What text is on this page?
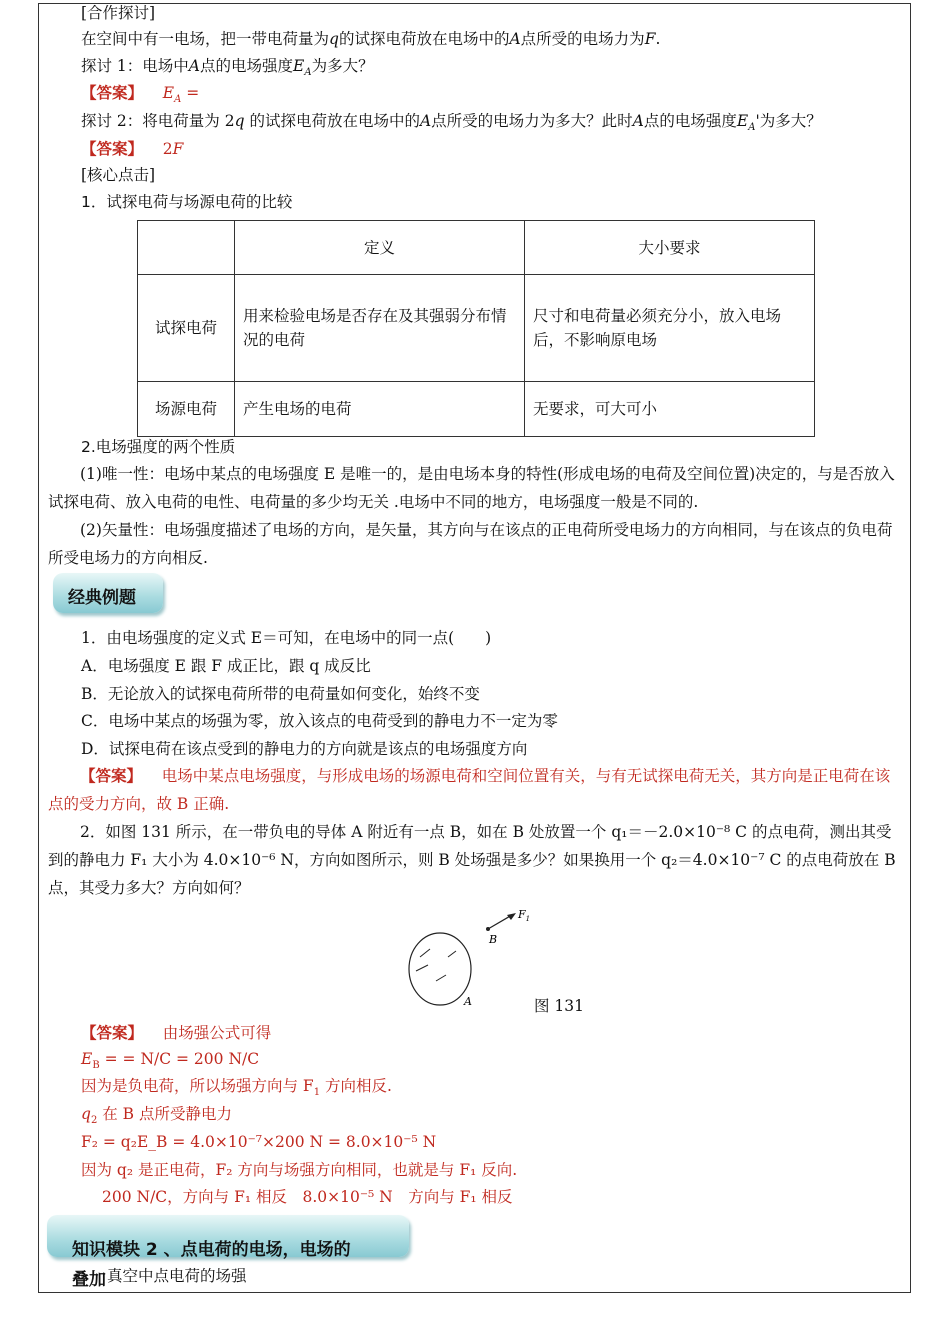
[合作探讨]
在空间中有一电场，把一带电荷量为q的试探电荷放在电场中的A点所受的电场力为F.
探讨 1：电场中A点的电场强度$E_A$为多大？
【答案】 $E_A$ =
探讨 2：将电荷量为 2q 的试探电荷放在电场中的A点所受的电场力为多大？此时A点的电场强度$E_A'$为多大？
【答案】 2F
[核心点击]
1．试探电荷与场源电荷的比较
	定义	大小要求
试探电荷	用来检验电场是否存在及其强弱分布情况的电荷	尺寸和电荷量必须充分小，放入电场后，不影响原电场
场源电荷	产生电场的电荷	无要求，可大可小
2.电场强度的两个性质
(1)唯一性：电场中某点的电场强度 E 是唯一的，是由电场本身的特性(形成电场的电荷及空间位置)决定的，与是否放入试探电荷、放入电荷的电性、电荷量的多少均无关 .电场中不同的地方，电场强度一般是不同的.
(2)矢量性：电场强度描述了电场的方向，是矢量，其方向与在该点的正电荷所受电场力的方向相同，与在该点的负电荷所受电场力的方向相反.
经典例题
1．由电场强度的定义式 E＝可知，在电场中的同一点(　　)
A．电场强度 E 跟 F 成正比，跟 q 成反比
B．无论放入的试探电荷所带的电荷量如何变化，始终不变
C．电场中某点的场强为零，放入该点的电荷受到的静电力不一定为零
D．试探电荷在该点受到的静电力的方向就是该点的电场强度方向
【答案】 电场中某点电场强度，与形成电场的场源电荷和空间位置有关，与有无试探电荷无关，其方向是正电荷在该点的受力方向，故 B 正确.
2．如图 131 所示，在一带负电的导体 A 附近有一点 B，如在 B 处放置一个 q₁＝－2.0×10⁻⁸ C 的点电荷，测出其受到的静电力 F₁ 大小为 4.0×10⁻⁶ N，方向如图所示，则 B 处场强是多少？如果换用一个 q₂＝4.0×10⁻⁷ C 的点电荷放在 B 点，其受力多大？方向如何？
$F_1$
B
A	图 131
【答案】 由场强公式可得
$E_B$ = = N/C = 200 N/C
因为是负电荷，所以场强方向与 $F_1$ 方向相反.
$q_2$ 在 B 点所受静电力
F₂ = q₂E_B = 4.0×10⁻⁷×200 N = 8.0×10⁻⁵ N
因为 q₂ 是正电荷，F₂ 方向与场强方向相同，也就是与 F₁ 反向.
200 N/C，方向与 F₁ 相反　8.0×10⁻⁵ N　方向与 F₁ 相反
知识模块 2 、点电荷的电场，电场的
叠加 真空中点电荷的场强
